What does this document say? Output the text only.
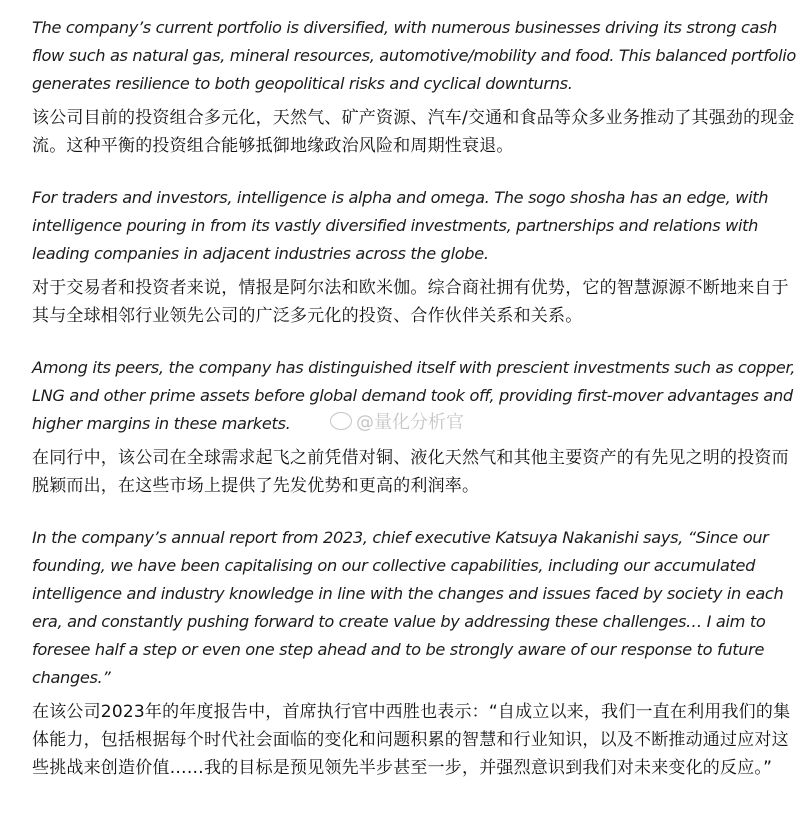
The company’s current portfolio is diversified, with numerous businesses driving its strong cash flow such as natural gas, mineral resources, automotive/mobility and food. This balanced portfolio generates resilience to both geopolitical risks and cyclical downturns.

该公司目前的投资组合多元化，天然气、矿产资源、汽车/交通和食品等众多业务推动了其强劲的现金流。这种平衡的投资组合能够抵御地缘政治风险和周期性衰退。

For traders and investors, intelligence is alpha and omega. The sogo shosha has an edge, with intelligence pouring in from its vastly diversified investments, partnerships and relations with leading companies in adjacent industries across the globe.

对于交易者和投资者来说，情报是阿尔法和欧米伽。综合商社拥有优势，它的智慧源源不断地来自于其与全球相邻行业领先公司的广泛多元化的投资、合作伙伴关系和关系。

Among its peers, the company has distinguished itself with prescient investments such as copper, LNG and other prime assets before global demand took off, providing first-mover advantages and higher margins in these markets.

在同行中，该公司在全球需求起飞之前凭借对铜、液化天然气和其他主要资产的有先见之明的投资而脱颖而出，在这些市场上提供了先发优势和更高的利润率。

In the company’s annual report from 2023, chief executive Katsuya Nakanishi says, “Since our founding, we have been capitalising on our collective capabilities, including our accumulated intelligence and industry knowledge in line with the changes and issues faced by society in each era, and constantly pushing forward to create value by addressing these challenges… I aim to foresee half a step or even one step ahead and to be strongly aware of our response to future changes.”

在该公司2023年的年度报告中，首席执行官中西胜也表示：“自成立以来，我们一直在利用我们的集体能力，包括根据每个时代社会面临的变化和问题积累的智慧和行业知识，以及不断推动通过应对这些挑战来创造价值……我的目标是预见领先半步甚至一步，并强烈意识到我们对未来变化的反应。”

@量化分析官
